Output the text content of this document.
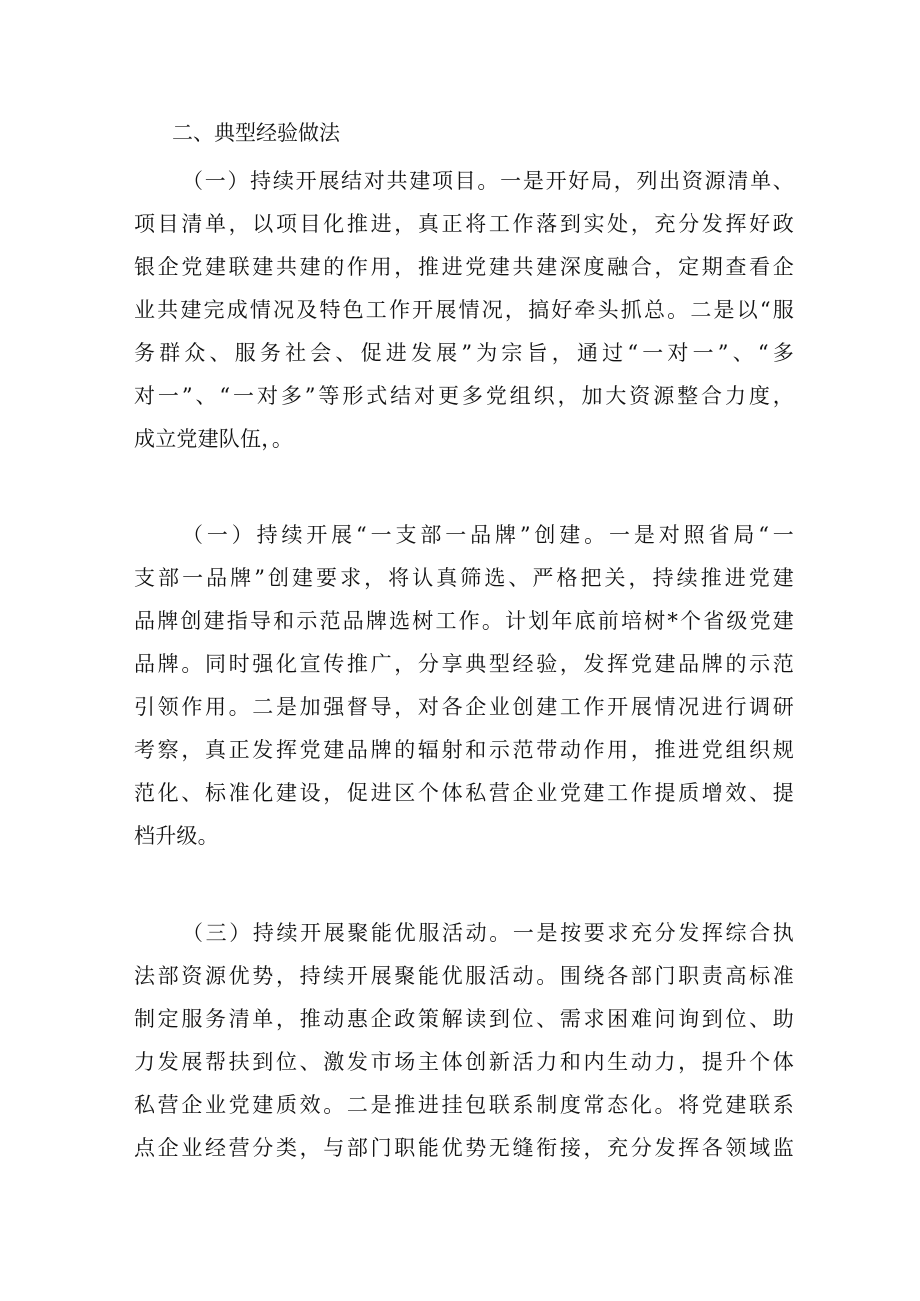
二、典型经验做法
（一）持续开展结对共建项目。一是开好局，列出资源清单、
项目清单，以项目化推进，真正将工作落到实处，充分发挥好政
银企党建联建共建的作用，推进党建共建深度融合，定期查看企
业共建完成情况及特色工作开展情况，搞好牵头抓总。二是以“服
务群众、服务社会、促进发展”为宗旨，通过“一对一”、“多
对一”、“一对多”等形式结对更多党组织，加大资源整合力度，
成立党建队伍，。
（一）持续开展“一支部一品牌”创建。一是对照省局“一
支部一品牌”创建要求，将认真筛选、严格把关，持续推进党建
品牌创建指导和示范品牌选树工作。计划年底前培树*个省级党建
品牌。同时强化宣传推广，分享典型经验，发挥党建品牌的示范
引领作用。二是加强督导，对各企业创建工作开展情况进行调研
考察，真正发挥党建品牌的辐射和示范带动作用，推进党组织规
范化、标准化建设，促进区个体私营企业党建工作提质增效、提
档升级。
（三）持续开展聚能优服活动。一是按要求充分发挥综合执
法部资源优势，持续开展聚能优服活动。围绕各部门职责高标准
制定服务清单，推动惠企政策解读到位、需求困难问询到位、助
力发展帮扶到位、激发市场主体创新活力和内生动力，提升个体
私营企业党建质效。二是推进挂包联系制度常态化。将党建联系
点企业经营分类，与部门职能优势无缝衔接，充分发挥各领域监
